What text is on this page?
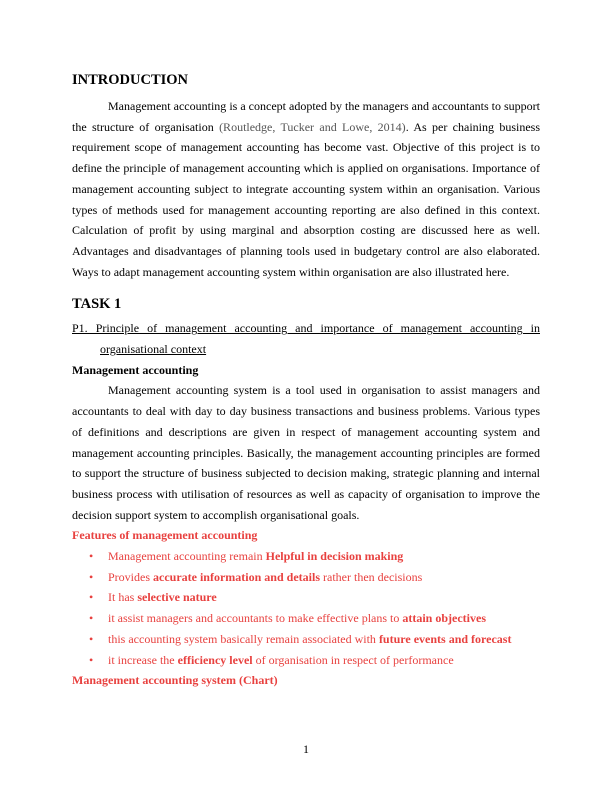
INTRODUCTION

Management accounting is a concept adopted by the managers and accountants to support the structure of organisation (Routledge, Tucker and Lowe, 2014). As per chaining business requirement scope of management accounting has become vast. Objective of this project is to define the principle of management accounting which is applied on organisations. Importance of management accounting subject to integrate accounting system within an organisation. Various types of methods used for management accounting reporting are also defined in this context. Calculation of profit by using marginal and absorption costing are discussed here as well. Advantages and disadvantages of planning tools used in budgetary control are also elaborated. Ways to adapt management accounting system within organisation are also illustrated here.

TASK 1

P1. Principle of management accounting and importance of management accounting in organisational context

Management accounting

Management accounting system is a tool used in organisation to assist managers and accountants to deal with day to day business transactions and business problems. Various types of definitions and descriptions are given in respect of management accounting system and management accounting principles. Basically, the management accounting principles are formed to support the structure of business subjected to decision making, strategic planning and internal business process with utilisation of resources as well as capacity of organisation to improve the decision support system to accomplish organisational goals.

Features of management accounting

• Management accounting remain Helpful in decision making
• Provides accurate information and details rather then decisions
• It has selective nature
• it assist managers and accountants to make effective plans to attain objectives
• this accounting system basically remain associated with future events and forecast
• it increase the efficiency level of organisation in respect of performance

Management accounting system (Chart)

1
